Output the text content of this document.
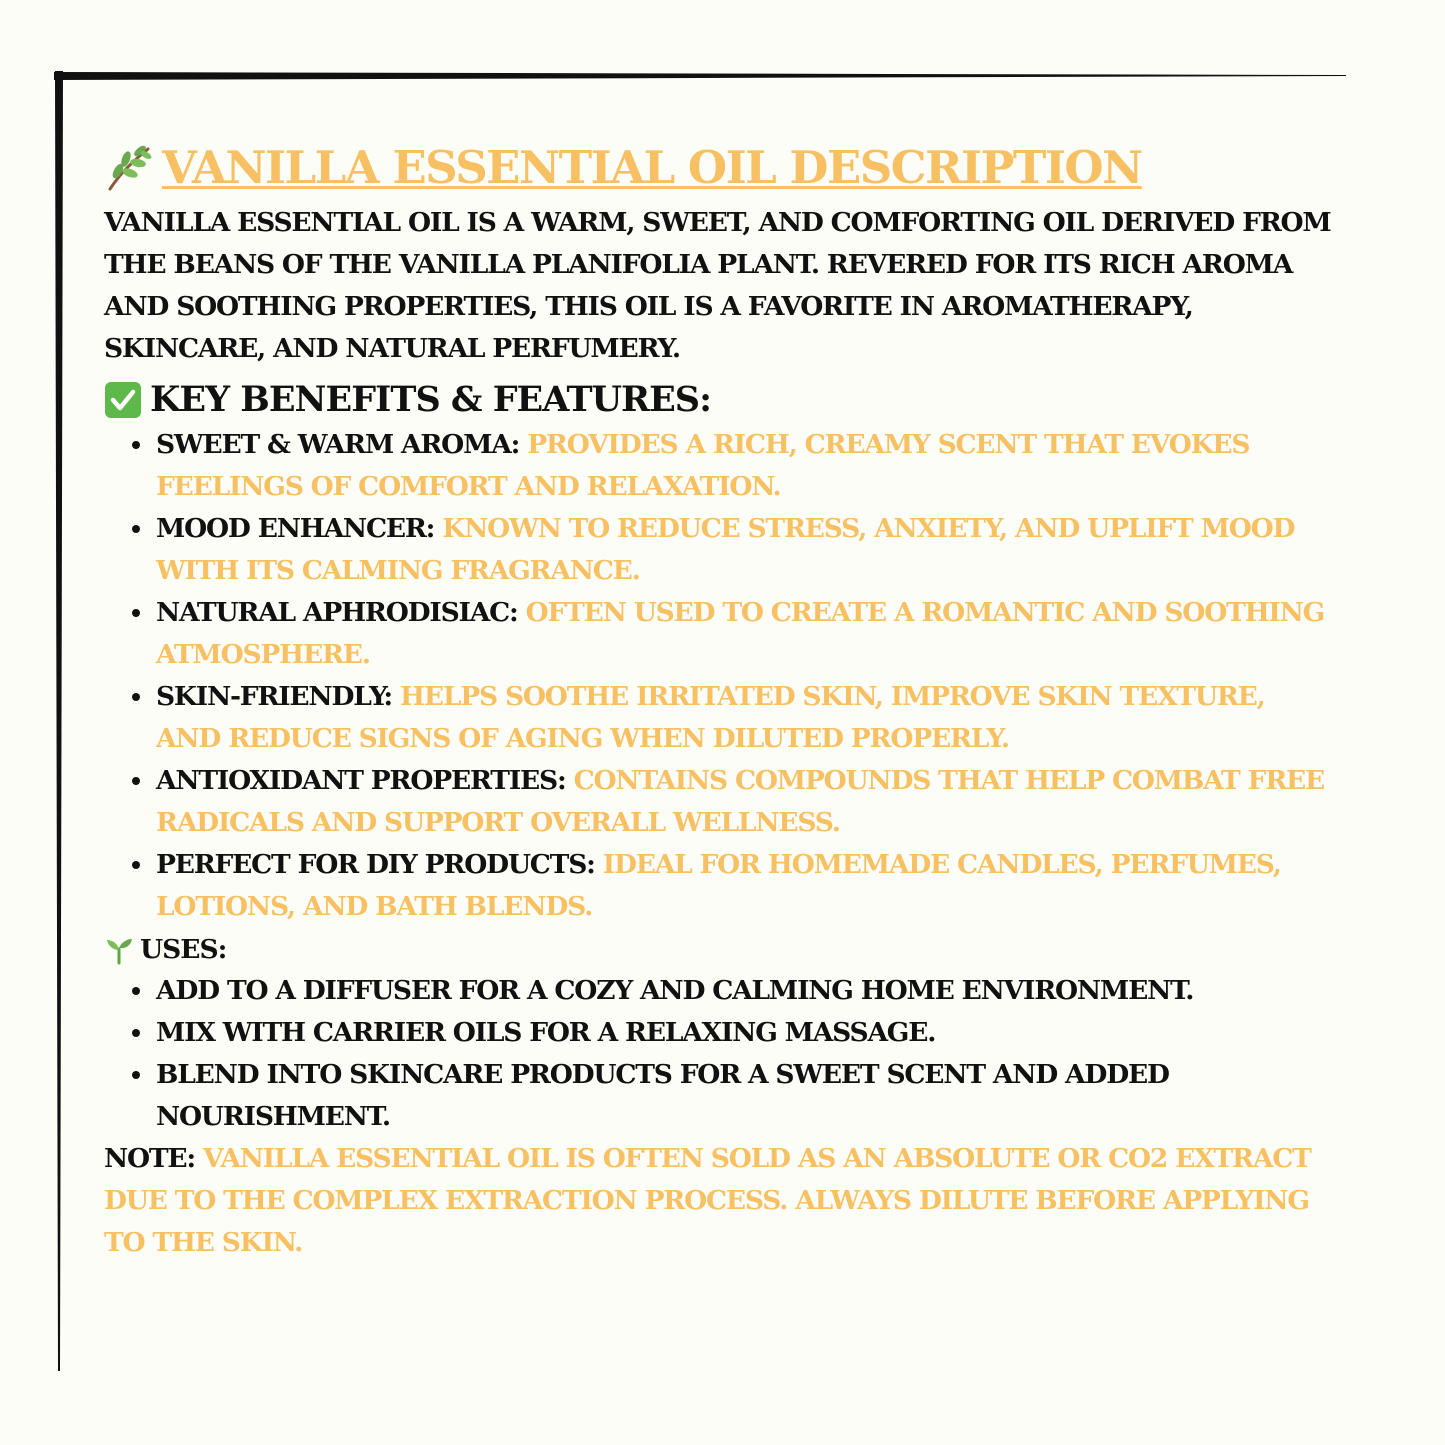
VANILLA ESSENTIAL OIL DESCRIPTION

VANILLA ESSENTIAL OIL IS A WARM, SWEET, AND COMFORTING OIL DERIVED FROM THE BEANS OF THE VANILLA PLANIFOLIA PLANT. REVERED FOR ITS RICH AROMA AND SOOTHING PROPERTIES, THIS OIL IS A FAVORITE IN AROMATHERAPY, SKINCARE, AND NATURAL PERFUMERY.

KEY BENEFITS & FEATURES:
SWEET & WARM AROMA: PROVIDES A RICH, CREAMY SCENT THAT EVOKES FEELINGS OF COMFORT AND RELAXATION.
MOOD ENHANCER: KNOWN TO REDUCE STRESS, ANXIETY, AND UPLIFT MOOD WITH ITS CALMING FRAGRANCE.
NATURAL APHRODISIAC: OFTEN USED TO CREATE A ROMANTIC AND SOOTHING ATMOSPHERE.
SKIN-FRIENDLY: HELPS SOOTHE IRRITATED SKIN, IMPROVE SKIN TEXTURE, AND REDUCE SIGNS OF AGING WHEN DILUTED PROPERLY.
ANTIOXIDANT PROPERTIES: CONTAINS COMPOUNDS THAT HELP COMBAT FREE RADICALS AND SUPPORT OVERALL WELLNESS.
PERFECT FOR DIY PRODUCTS: IDEAL FOR HOMEMADE CANDLES, PERFUMES, LOTIONS, AND BATH BLENDS.
USES:
ADD TO A DIFFUSER FOR A COZY AND CALMING HOME ENVIRONMENT.
MIX WITH CARRIER OILS FOR A RELAXING MASSAGE.
BLEND INTO SKINCARE PRODUCTS FOR A SWEET SCENT AND ADDED NOURISHMENT.

NOTE: VANILLA ESSENTIAL OIL IS OFTEN SOLD AS AN ABSOLUTE OR CO2 EXTRACT DUE TO THE COMPLEX EXTRACTION PROCESS. ALWAYS DILUTE BEFORE APPLYING TO THE SKIN.
